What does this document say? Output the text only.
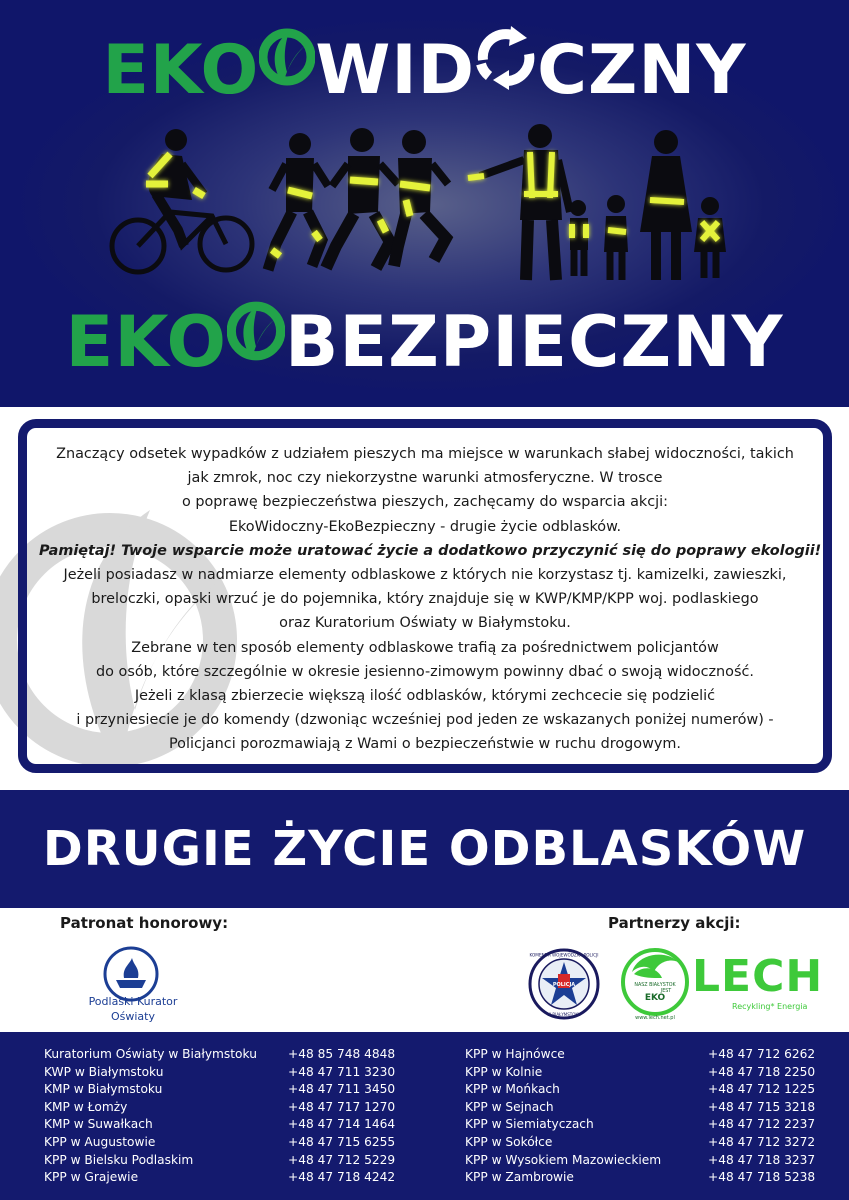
EKO WID CZNY
EKO BEZPIECZNY
Znaczący odsetek wypadków z udziałem pieszych ma miejsce w warunkach słabej widoczności, takich
jak zmrok, noc czy niekorzystne warunki atmosferyczne. W trosce
o poprawę bezpieczeństwa pieszych, zachęcamy do wsparcia akcji:
EkoWidoczny-EkoBezpieczny - drugie życie odblasków.
Pamiętaj! Twoje wsparcie może uratować życie a dodatkowo przyczynić się do poprawy ekologii!
Jeżeli posiadasz w nadmiarze elementy odblaskowe z których nie korzystasz tj. kamizelki, zawieszki,
breloczki, opaski wrzuć je do pojemnika, który znajduje się w KWP/KMP/KPP woj. podlaskiego
oraz Kuratorium Oświaty w Białymstoku.
Zebrane w ten sposób elementy odblaskowe trafią za pośrednictwem policjantów
do osób, które szczególnie w okresie jesienno-zimowym powinny dbać o swoją widoczność.
Jeżeli z klasą zbierzecie większą ilość odblasków, którymi zechcecie się podzielić
i przyniesiecie je do komendy (dzwoniąc wcześniej pod jeden ze wskazanych poniżej numerów) -
Policjanci porozmawiają z Wami o bezpieczeństwie w ruchu drogowym.
DRUGIE ŻYCIE ODBLASKÓW
Patronat honorowy:	Partnerzy akcji:
Podlaski Kurator
Oświaty
KOMENDA WOJEWÓDZKA POLICJI
POLICJA
W BIAŁYMSTOKU
NASZ BIAŁYSTOK
JEST
EKO
www.lech.net.pl
LECH
Recykling* Energia
Kuratorium Oświaty w Białymstoku
KWP w Białymstoku
KMP w Białymstoku
KMP w Łomży
KMP w Suwałkach
KPP w Augustowie
KPP w Bielsku Podlaskim
KPP w Grajewie
+48 85 748 4848
+48 47 711 3230
+48 47 711 3450
+48 47 717 1270
+48 47 714 1464
+48 47 715 6255
+48 47 712 5229
+48 47 718 4242
KPP w Hajnówce
KPP w Kolnie
KPP w Mońkach
KPP w Sejnach
KPP w Siemiatyczach
KPP w Sokółce
KPP w Wysokiem Mazowieckiem
KPP w Zambrowie
+48 47 712 6262
+48 47 718 2250
+48 47 712 1225
+48 47 715 3218
+48 47 712 2237
+48 47 712 3272
+48 47 718 3237
+48 47 718 5238
